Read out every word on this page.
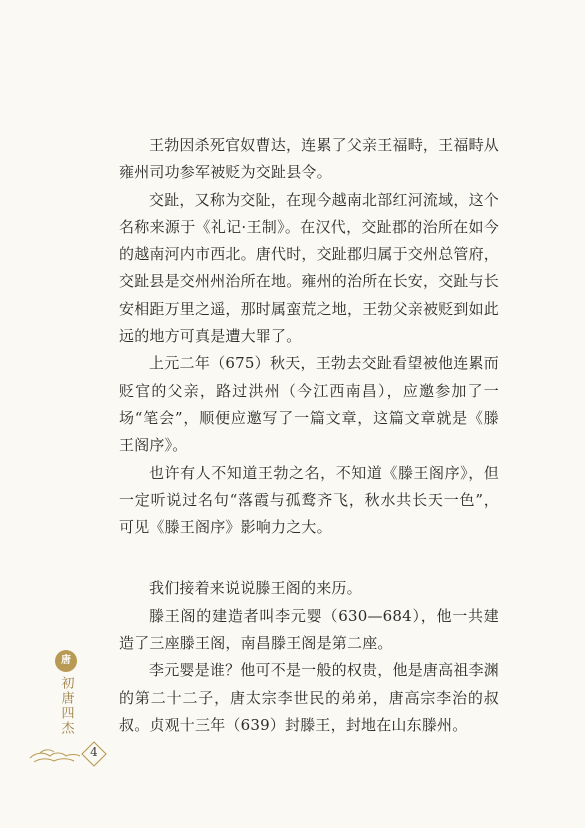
王勃因杀死官奴曹达，连累了父亲王福畤，王福畤从雍州司功参军被贬为交趾县令。

交趾，又称为交阯，在现今越南北部红河流域，这个名称来源于《礼记·王制》。在汉代，交趾郡的治所在如今的越南河内市西北。唐代时，交趾郡归属于交州总管府，交趾县是交州州治所在地。雍州的治所在长安，交趾与长安相距万里之遥，那时属蛮荒之地，王勃父亲被贬到如此远的地方可真是遭大罪了。

上元二年（675）秋天，王勃去交趾看望被他连累而贬官的父亲，路过洪州（今江西南昌），应邀参加了一场“笔会”，顺便应邀写了一篇文章，这篇文章就是《滕王阁序》。

也许有人不知道王勃之名，不知道《滕王阁序》，但一定听说过名句“落霞与孤鹜齐飞，秋水共长天一色”，可见《滕王阁序》影响力之大。

我们接着来说说滕王阁的来历。

滕王阁的建造者叫李元婴（630—684），他一共建造了三座滕王阁，南昌滕王阁是第二座。

李元婴是谁？他可不是一般的权贵，他是唐高祖李渊的第二十二子，唐太宗李世民的弟弟，唐高宗李治的叔叔。贞观十三年（639）封滕王，封地在山东滕州。

唐
初唐四杰
4
